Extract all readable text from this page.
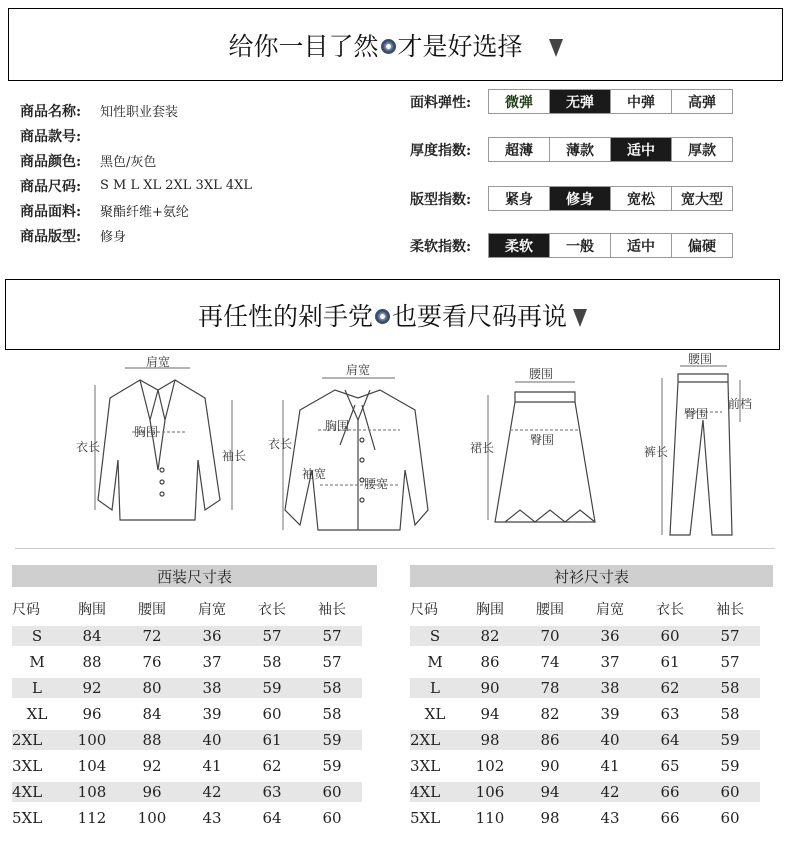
给你一目了然 才是好选择
商品名称:	知性职业套装
商品款号:
商品颜色:	黑色/灰色
商品尺码:	S M L XL 2XL 3XL 4XL
商品面料:	聚酯纤维+氨纶
商品版型:	修身
面料弹性:	微弹	无弹	中弹	高弹
厚度指数:	超薄	薄款	适中	厚款
版型指数:	紧身	修身	宽松	宽大型
柔软指数:	柔软	一般	适中	偏硬
再任性的剁手党 也要看尺码再说
肩宽
胸围
衣长
袖长
肩宽
胸围
衣长
袖宽
腰宽
腰围
臀围
裙长
腰围
臀围
前档
裤长
西装尺寸表
尺码	胸围	腰围	肩宽	衣长	袖长
S	84	72	36	57	57
M	88	76	37	58	57
L	92	80	38	59	58
XL	96	84	39	60	58
2XL	100	88	40	61	59
3XL	104	92	41	62	59
4XL	108	96	42	63	60
5XL	112	100	43	64	60
衬衫尺寸表
尺码	胸围	腰围	肩宽	衣长	袖长
S	82	70	36	60	57
M	86	74	37	61	57
L	90	78	38	62	58
XL	94	82	39	63	58
2XL	98	86	40	64	59
3XL	102	90	41	65	59
4XL	106	94	42	66	60
5XL	110	98	43	66	60
